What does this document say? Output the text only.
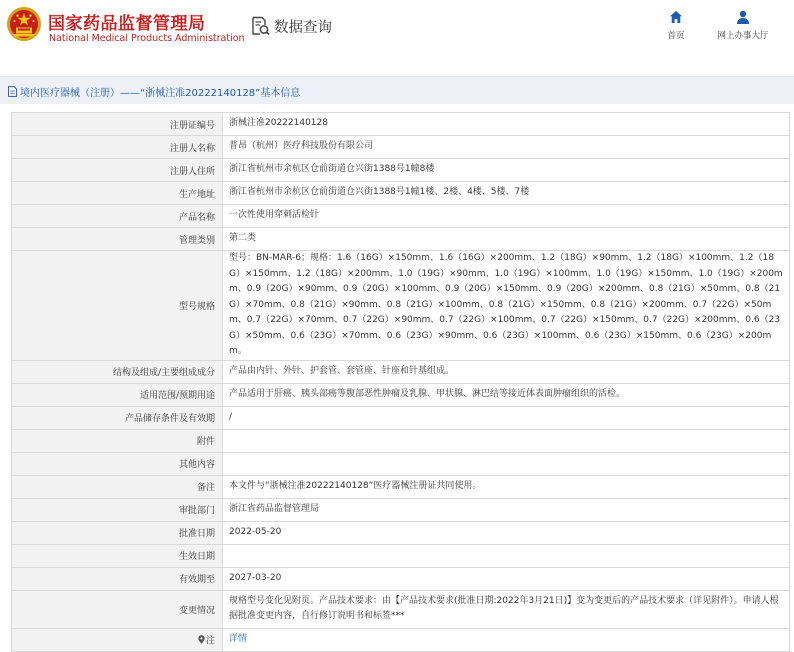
国家药品监督管理局
National Medical Products Administration
数据查询
首页	网上办事大厅
境内医疗器械（注册）——“浙械注准20222140128”基本信息
注册证编号	浙械注准20222140128
注册人名称	普昂（杭州）医疗科技股份有限公司
注册人住所	浙江省杭州市余杭区仓前街道仓兴街1388号1幢8楼
生产地址	浙江省杭州市余杭区仓前街道仓兴街1388号1幢1楼、2楼、4楼、5楼、7楼
产品名称	一次性使用穿刺活检针
管理类别	第二类
型号规格	型号：BN-MAR-6；规格：1.6（16G）×150mm、1.6（16G）×200mm、1.2（18G）×90mm、1.2（18G）×100mm、1.2（18G）×150mm、1.2（18G）×200mm、1.0（19G）×90mm、1.0（19G）×100mm、1.0（19G）×150mm、1.0（19G）×200mm、0.9（20G）×90mm、0.9（20G）×100mm、0.9（20G）×150mm、0.9（20G）×200mm、0.8（21G）×50mm、0.8（21G）×70mm、0.8（21G）×90mm、0.8（21G）×100mm、0.8（21G）×150mm、0.8（21G）×200mm、0.7（22G）×50mm、0.7（22G）×70mm、0.7（22G）×90mm、0.7（22G）×100mm、0.7（22G）×150mm、0.7（22G）×200mm、0.6（23G）×50mm、0.6（23G）×70mm、0.6（23G）×90mm、0.6（23G）×100mm、0.6（23G）×150mm、0.6（23G）×200mm。
结构及组成/主要组成成分	产品由内针、外针、护套管、套管座、针座和针基组成。
适用范围/预期用途	产品适用于肝癌、胰头部癌等腹部恶性肿瘤及乳腺、甲状腺、淋巴结等接近体表面肿瘤组织的活检。
产品储存条件及有效期	/
附件	
其他内容	
备注	本文件与“浙械注准20222140128”医疗器械注册证共同使用。
审批部门	浙江省药品监督管理局
批准日期	2022-05-20
生效日期	
有效期至	2027-03-20
变更情况	规格型号变化见附页。产品技术要求：由【产品技术要求(批准日期:2022年3月21日)】变为变更后的产品技术要求（详见附件）。申请人根据批准变更内容，自行修订说明书和标签***
注	详情
